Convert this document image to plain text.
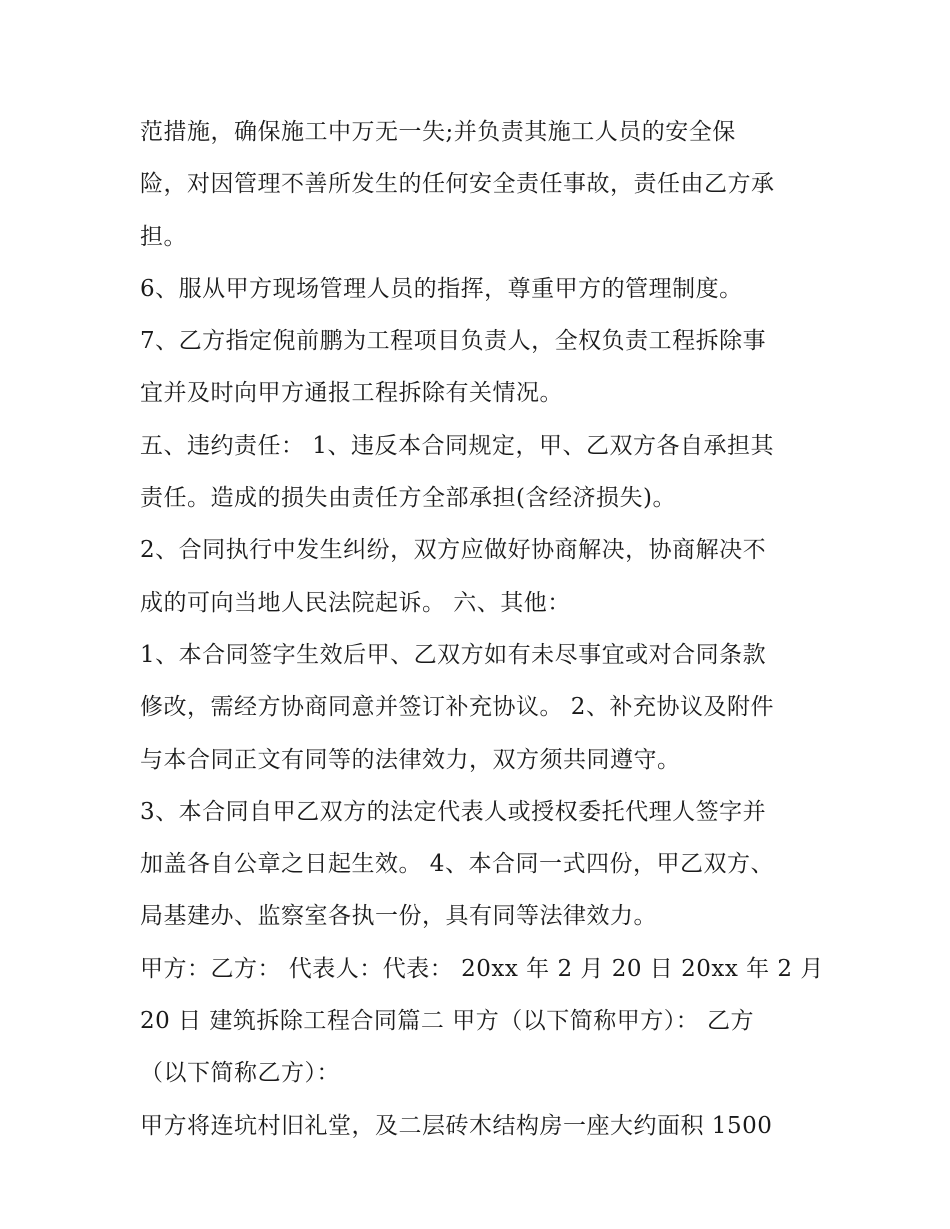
范措施，确保施工中万无一失;并负责其施工人员的安全保
险，对因管理不善所发生的任何安全责任事故，责任由乙方承
担。
6、服从甲方现场管理人员的指挥，尊重甲方的管理制度。
7、乙方指定倪前鹏为工程项目负责人，全权负责工程拆除事
宜并及时向甲方通报工程拆除有关情况。
五、违约责任： 1、违反本合同规定，甲、乙双方各自承担其
责任。造成的损失由责任方全部承担(含经济损失)。
2、合同执行中发生纠纷，双方应做好协商解决，协商解决不
成的可向当地人民法院起诉。 六、其他：
1、本合同签字生效后甲、乙双方如有未尽事宜或对合同条款
修改，需经方协商同意并签订补充协议。 2、补充协议及附件
与本合同正文有同等的法律效力，双方须共同遵守。
3、本合同自甲乙双方的法定代表人或授权委托代理人签字并
加盖各自公章之日起生效。 4、本合同一式四份，甲乙双方、
局基建办、监察室各执一份，具有同等法律效力。
甲方：乙方： 代表人：代表： 20xx 年 2 月 20 日 20xx 年 2 月
20 日 建筑拆除工程合同篇二 甲方（以下简称甲方）： 乙方
（以下简称乙方）：
甲方将连坑村旧礼堂，及二层砖木结构房一座大约面积 1500
